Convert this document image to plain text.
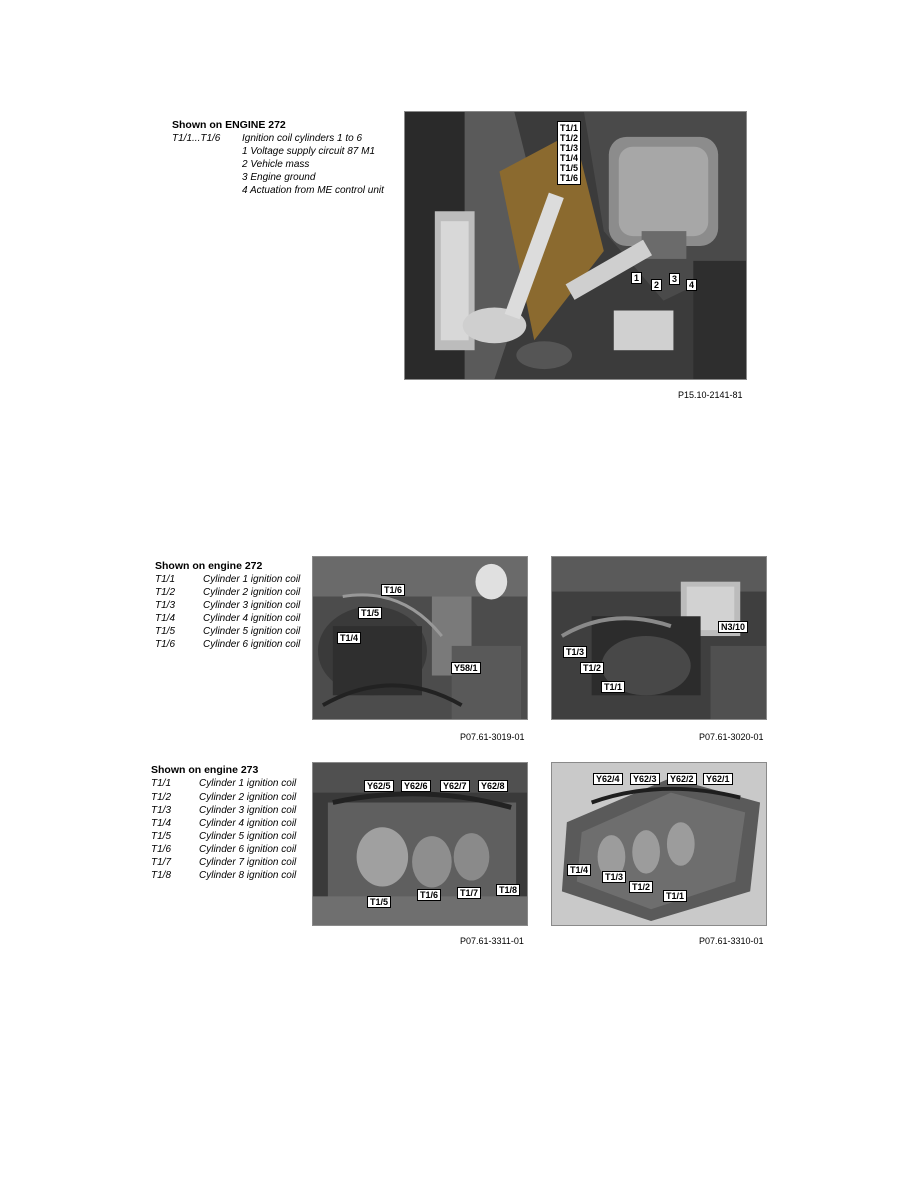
Shown on ENGINE 272
T1/1...T1/6 Ignition coil cylinders 1 to 6
1 Voltage supply circuit 87 M1
2 Vehicle mass
3 Engine ground
4 Actuation from ME control unit
T1/1
T1/2
T1/3
T1/4
T1/5
T1/6
1
2
3
4
P15.10-2141-81
Shown on engine 272
T1/1	Cylinder 1 ignition coil
T1/2	Cylinder 2 ignition coil
T1/3	Cylinder 3 ignition coil
T1/4	Cylinder 4 ignition coil
T1/5	Cylinder 5 ignition coil
T1/6	Cylinder 6 ignition coil
T1/6
T1/5
T1/4
Y58/1
P07.61-3019-01
N3/10
T1/3
T1/2
T1/1
P07.61-3020-01
Shown on engine 273
T1/1	Cylinder 1 ignition coil
T1/2	Cylinder 2 ignition coil
T1/3	Cylinder 3 ignition coil
T1/4	Cylinder 4 ignition coil
T1/5	Cylinder 5 ignition coil
T1/6	Cylinder 6 ignition coil
T1/7	Cylinder 7 ignition coil
T1/8	Cylinder 8 ignition coil
Y62/5	Y62/6	Y62/7	Y62/8
T1/5
T1/6	T1/7	T1/8
P07.61-3311-01
Y62/4	Y62/3	Y62/2	Y62/1
T1/4
T1/3
T1/2
T1/1
P07.61-3310-01
